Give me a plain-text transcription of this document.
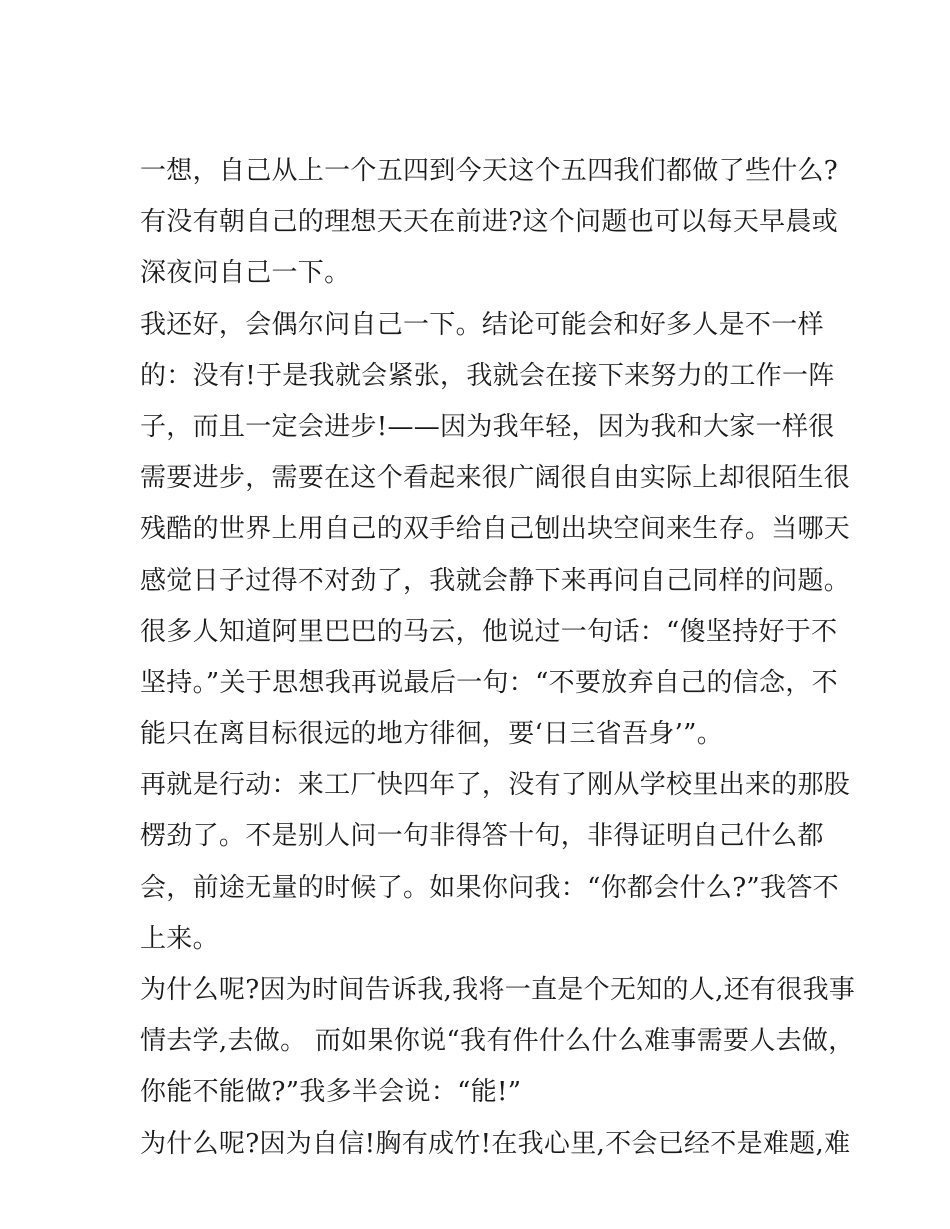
一想，自己从上一个五四到今天这个五四我们都做了些什么?
有没有朝自己的理想天天在前进?这个问题也可以每天早晨或
深夜问自己一下。
我还好，会偶尔问自己一下。结论可能会和好多人是不一样
的：没有!于是我就会紧张，我就会在接下来努力的工作一阵
子，而且一定会进步!——因为我年轻，因为我和大家一样很
需要进步，需要在这个看起来很广阔很自由实际上却很陌生很
残酷的世界上用自己的双手给自己刨出块空间来生存。当哪天
感觉日子过得不对劲了，我就会静下来再问自己同样的问题。
很多人知道阿里巴巴的马云，他说过一句话：“傻坚持好于不
坚持。”关于思想我再说最后一句：“不要放弃自己的信念，不
能只在离目标很远的地方徘徊，要‘日三省吾身’”。
再就是行动：来工厂快四年了，没有了刚从学校里出来的那股
楞劲了。不是别人问一句非得答十句，非得证明自己什么都
会，前途无量的时候了。如果你问我：“你都会什么?”我答不
上来。
为什么呢?因为时间告诉我,我将一直是个无知的人,还有很我事
情去学,去做。 而如果你说“我有件什么什么难事需要人去做，
你能不能做?”我多半会说：“能!”
为什么呢?因为自信!胸有成竹!在我心里,不会已经不是难题,难
